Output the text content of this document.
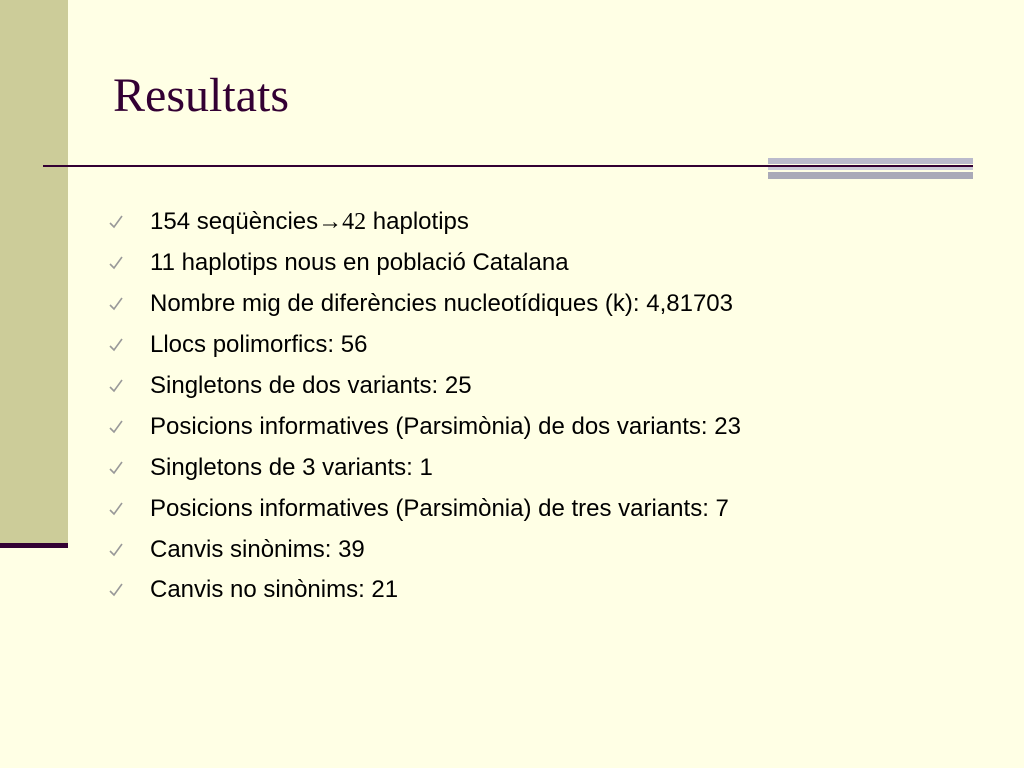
Resultats
154 seqüències→42 haplotips
11 haplotips nous en població Catalana
Nombre mig de diferències nucleotídiques (k): 4,81703
Llocs polimorfics: 56
Singletons de dos variants: 25
Posicions informatives (Parsimònia) de dos variants: 23
Singletons de 3 variants: 1
Posicions informatives (Parsimònia) de tres variants: 7
Canvis sinònims: 39
Canvis no sinònims: 21
